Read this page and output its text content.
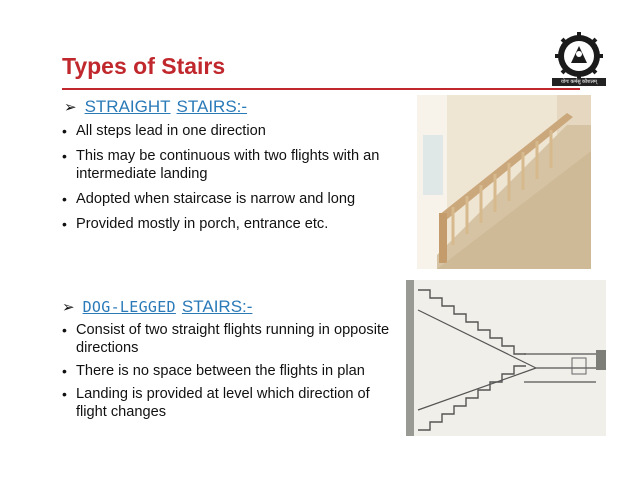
Types of Stairs
योगः कर्मसु कौशलम्
➢ STRAIGHT STAIRS:-
• All steps lead in one direction
• This may be continuous with two flights with an intermediate landing
• Adopted when staircase is narrow and long
• Provided mostly in porch, entrance etc.
➢ DOG-LEGGED STAIRS:-
• Consist of two straight flights running in opposite directions
• There is no space between the flights in plan
• Landing is provided at level which direction of flight changes
